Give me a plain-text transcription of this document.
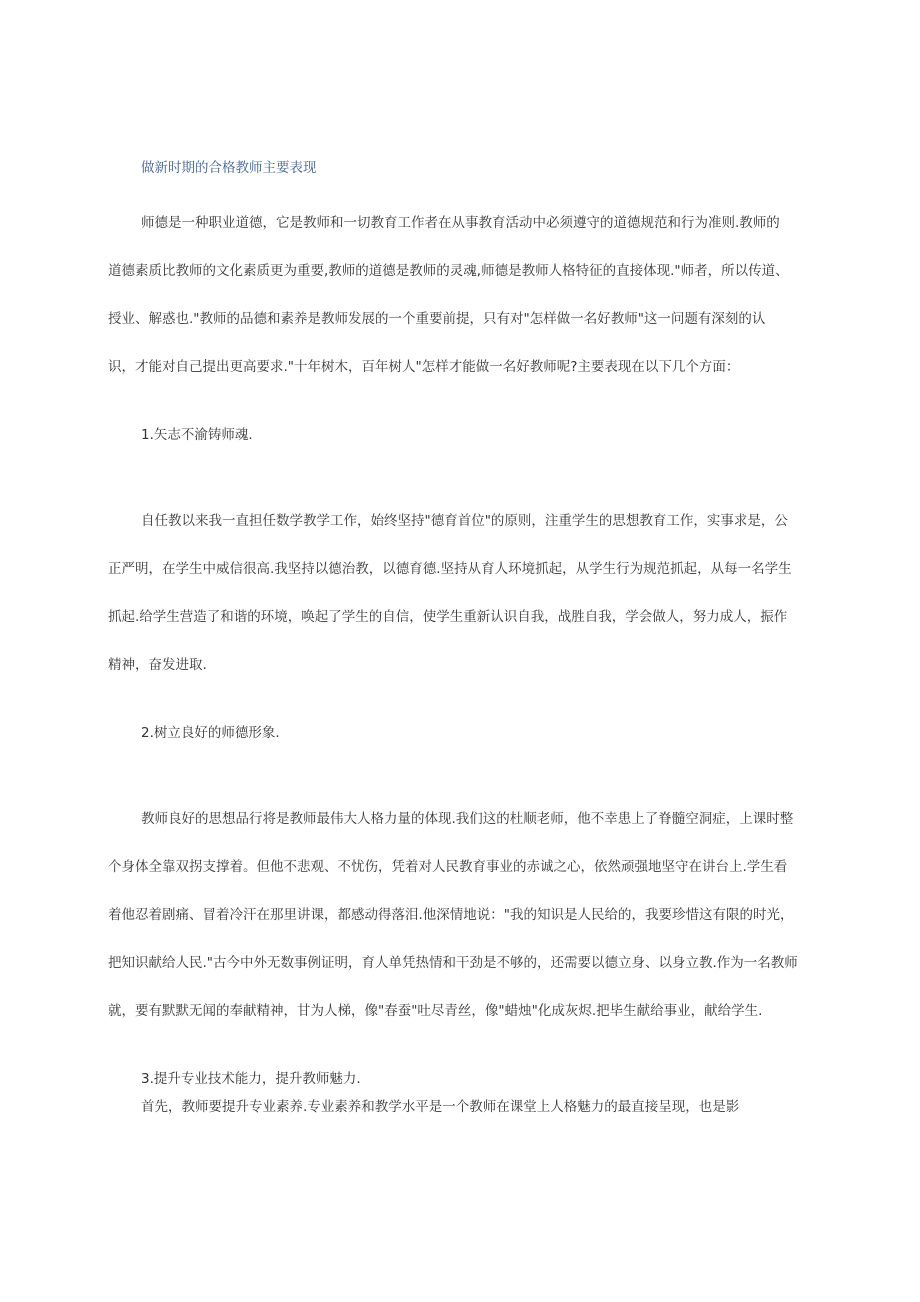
做新时期的合格教师主要表现

师德是一种职业道德，它是教师和一切教育工作者在从事教育活动中必须遵守的道德规范和行为准则.教师的

道德素质比教师的文化素质更为重要,教师的道德是教师的灵魂,师德是教师人格特征的直接体现."师者，所以传道、

授业、解惑也."教师的品德和素养是教师发展的一个重要前提，只有对"怎样做一名好教师"这一问题有深刻的认

识，才能对自己提出更高要求."十年树木，百年树人"怎样才能做一名好教师呢?主要表现在以下几个方面：

1.矢志不渝铸师魂.

自任教以来我一直担任数学教学工作，始终坚持"德育首位"的原则，注重学生的思想教育工作，实事求是，公

正严明，在学生中威信很高.我坚持以德治教，以德育德.坚持从育人环境抓起，从学生行为规范抓起，从每一名学生

抓起.给学生营造了和谐的环境，唤起了学生的自信，使学生重新认识自我，战胜自我，学会做人，努力成人，振作

精神，奋发进取.

2.树立良好的师德形象.

教师良好的思想品行将是教师最伟大人格力量的体现.我们这的杜顺老师，他不幸患上了脊髓空洞症，上课时整

个身体全靠双拐支撑着。但他不悲观、不忧伤，凭着对人民教育事业的赤诚之心，依然顽强地坚守在讲台上.学生看

着他忍着剧痛、冒着冷汗在那里讲课，都感动得落泪.他深情地说："我的知识是人民给的，我要珍惜这有限的时光，

把知识献给人民."古今中外无数事例证明，育人单凭热情和干劲是不够的，还需要以德立身、以身立教.作为一名教师

就，要有默默无闻的奉献精神，甘为人梯，像"春蚕"吐尽青丝，像"蜡烛"化成灰烬.把毕生献给事业，献给学生.

3.提升专业技术能力，提升教师魅力.

首先，教师要提升专业素养.专业素养和教学水平是一个教师在课堂上人格魅力的最直接呈现，也是影
